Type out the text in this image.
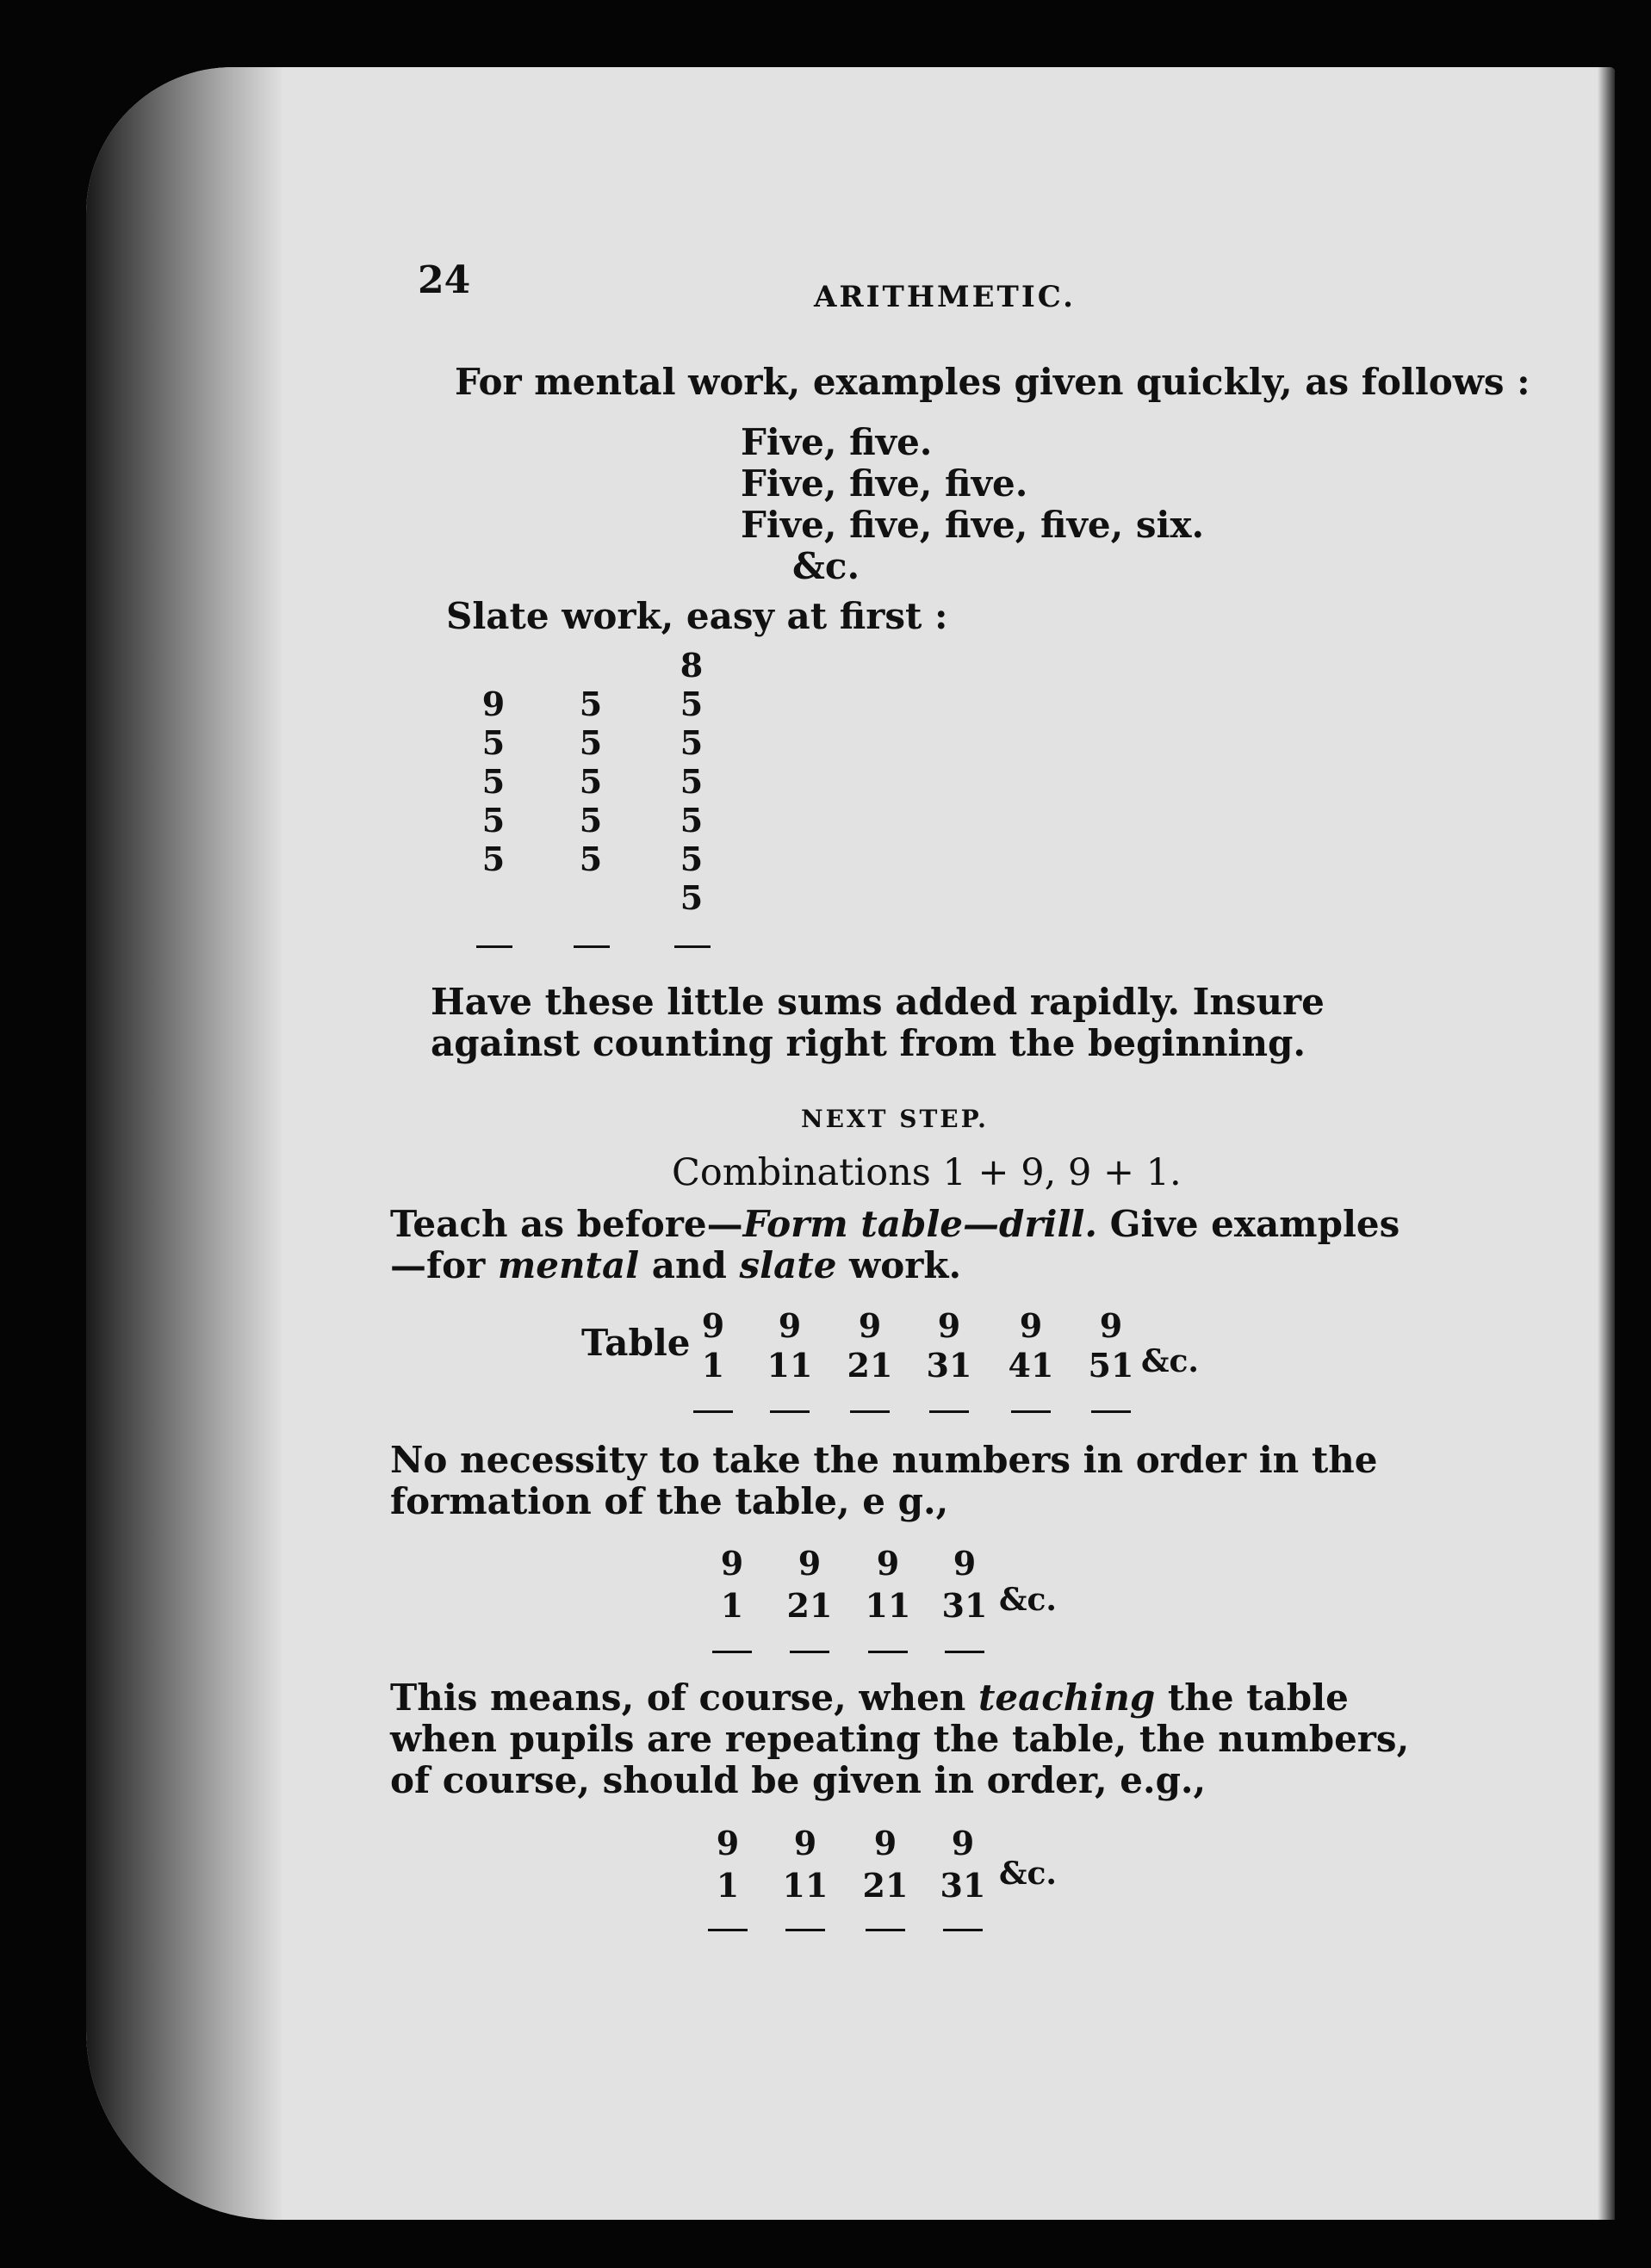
24	ARITHMETIC.
For mental work, examples given quickly, as follows :
Five, five.
Five, five, five.
Five, five, five, five, six.
&c.
Slate work, easy at first :
9
5
5
5
5
5
5
5
5
5
8
5
5
5
5
5
5
Have these little sums added rapidly. Insure against counting right from the beginning.
NEXT STEP.
Combinations 1 + 9, 9 + 1.
Teach as before—Form table—drill. Give examples—for mental and slate work.
Table 9
1
9
11
9
21
9
31
9
41
9
51 &c.
No necessity to take the numbers in order in the formation of the table, e g.,
9
1
9
21
9
11
9
31 &c.
This means, of course, when teaching the table when pupils are repeating the table, the numbers, of course, should be given in order, e.g.,
9
1
9
11
9
21
9
31 &c.
